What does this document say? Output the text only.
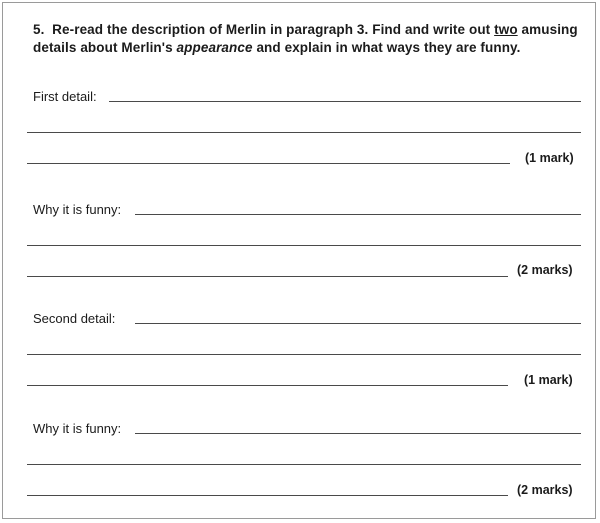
5. Re-read the description of Merlin in paragraph 3. Find and write out two amusing details about Merlin's appearance and explain in what ways they are funny.
First detail:
(1 mark)
Why it is funny:
(2 marks)
Second detail:
(1 mark)
Why it is funny:
(2 marks)
